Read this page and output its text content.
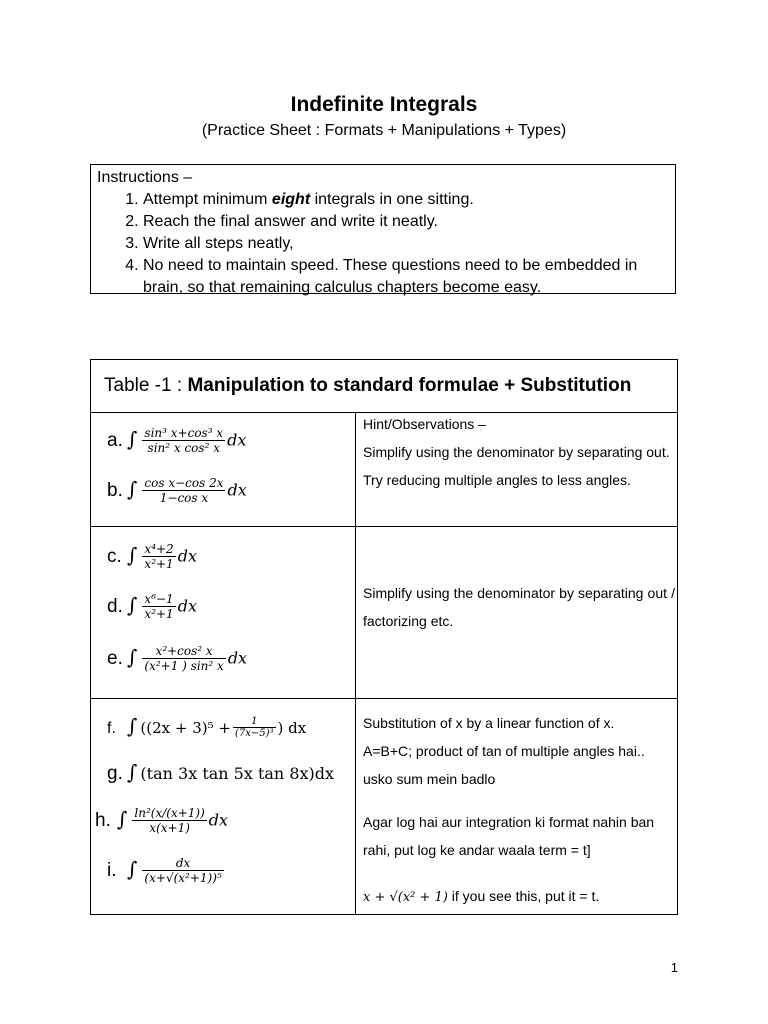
Indefinite Integrals

(Practice Sheet : Formats + Manipulations + Types)

Instructions –
1. Attempt minimum eight integrals in one sitting.
2. Reach the final answer and write it neatly.
3. Write all steps neatly,
4. No need to maintain speed. These questions need to be embedded in brain, so that remaining calculus chapters become easy.
Table -1 : Manipulation to standard formulae + Substitution
a. ∫ $\frac{\text{sin³ x+cos³ x}}{\text{sin² x cos² x}}$ dx
b. ∫ $\frac{\text{cos x−cos 2x}}{\text{1−cos x}}$ dx
c. ∫ $\frac{\text{x⁴+2}}{\text{x²+1}}$ dx
d. ∫ $\frac{\text{x⁶−1}}{\text{x²+1}}$ dx
e. ∫ $\frac{\text{x²+cos² x}}{\text{(x²+1 ) sin² x}}$ dx
f. ∫ ($(2x + 3)^5 + \frac{1}{\text{(7x−5)³}}$ ) dx
g. ∫ (tan 3x tan 5x tan 8x)dx
h. ∫ $\frac{\text{ln²(x/(x+1))}}{x(x+1)}$ dx
i. ∫ $\frac{dx}{\text{(x+√(x²+1))⁵}}$

Hint/Observations –

Simplify using the denominator by separating out.

Try reducing multiple angles to less angles.

Simplify using the denominator by separating out / factorizing etc.

Substitution of x by a linear function of x.

A=B+C; product of tan of multiple angles hai.. usko sum mein badlo

Agar log hai aur integration ki format nahin ban rahi, put log ke andar waala term = t]

x + √(x² + 1) if you see this, put it = t.

1
